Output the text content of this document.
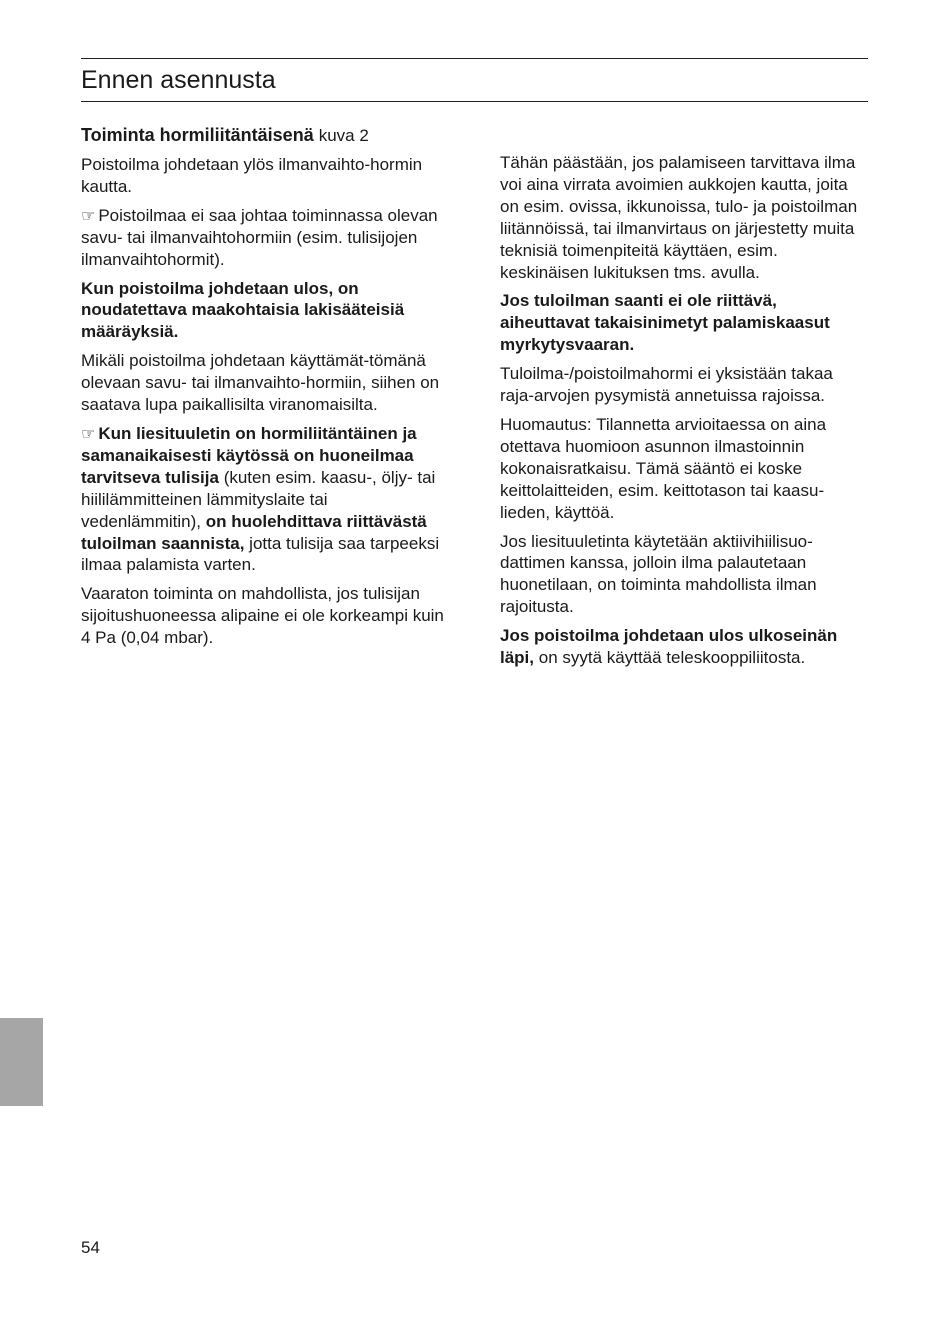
Ennen asennusta
Toiminta hormiliitäntäisenä kuva 2

Poistoilma johdetaan ylös ilmanvaihto-hormin kautta.

☞ Poistoilmaa ei saa johtaa toiminnassa olevan savu- tai ilmanvaihtohormiin (esim. tulisijojen ilmanvaihtohormit).

Kun poistoilma johdetaan ulos, on noudatettava maakohtaisia lakisääteisiä määräyksiä.

Mikäli poistoilma johdetaan käyttämät-tömänä olevaan savu- tai ilmanvaihto-hormiin, siihen on saatava lupa paikallisilta viranomaisilta.

☞ Kun liesituuletin on hormiliitäntäinen ja samanaikaisesti käytössä on huoneilmaa tarvitseva tulisija (kuten esim. kaasu-, öljy- tai hiililämmitteinen lämmityslaite tai vedenlämmitin), on huolehdittava riittävästä tuloilman saannista, jotta tulisija saa tarpeeksi ilmaa palamista varten.

Vaaraton toiminta on mahdollista, jos tulisijan sijoitushuoneessa alipaine ei ole korkeampi kuin 4 Pa (0,04 mbar).

Tähän päästään, jos palamiseen tarvittava ilma voi aina virrata avoimien aukkojen kautta, joita on esim. ovissa, ikkunoissa, tulo- ja poistoilman liitännöissä, tai ilmanvirtaus on järjestetty muita teknisiä toimenpiteitä käyttäen, esim. keskinäisen lukituksen tms. avulla.

Jos tuloilman saanti ei ole riittävä, aiheuttavat takaisinimetyt palamiskaasut myrkytysvaaran.

Tuloilma-/poistoilmahormi ei yksistään takaa raja-arvojen pysymistä annetuissa rajoissa.

Huomautus: Tilannetta arvioitaessa on aina otettava huomioon asunnon ilmastoinnin kokonaisratkaisu. Tämä sääntö ei koske keittolaitteiden, esim. keittotason tai kaasu-lieden, käyttöä.

Jos liesituuletinta käytetään aktiivihiilisuo-dattimen kanssa, jolloin ilma palautetaan huonetilaan, on toiminta mahdollista ilman rajoitusta.

Jos poistoilma johdetaan ulos ulkoseinän läpi, on syytä käyttää teleskooppiliitosta.

54
